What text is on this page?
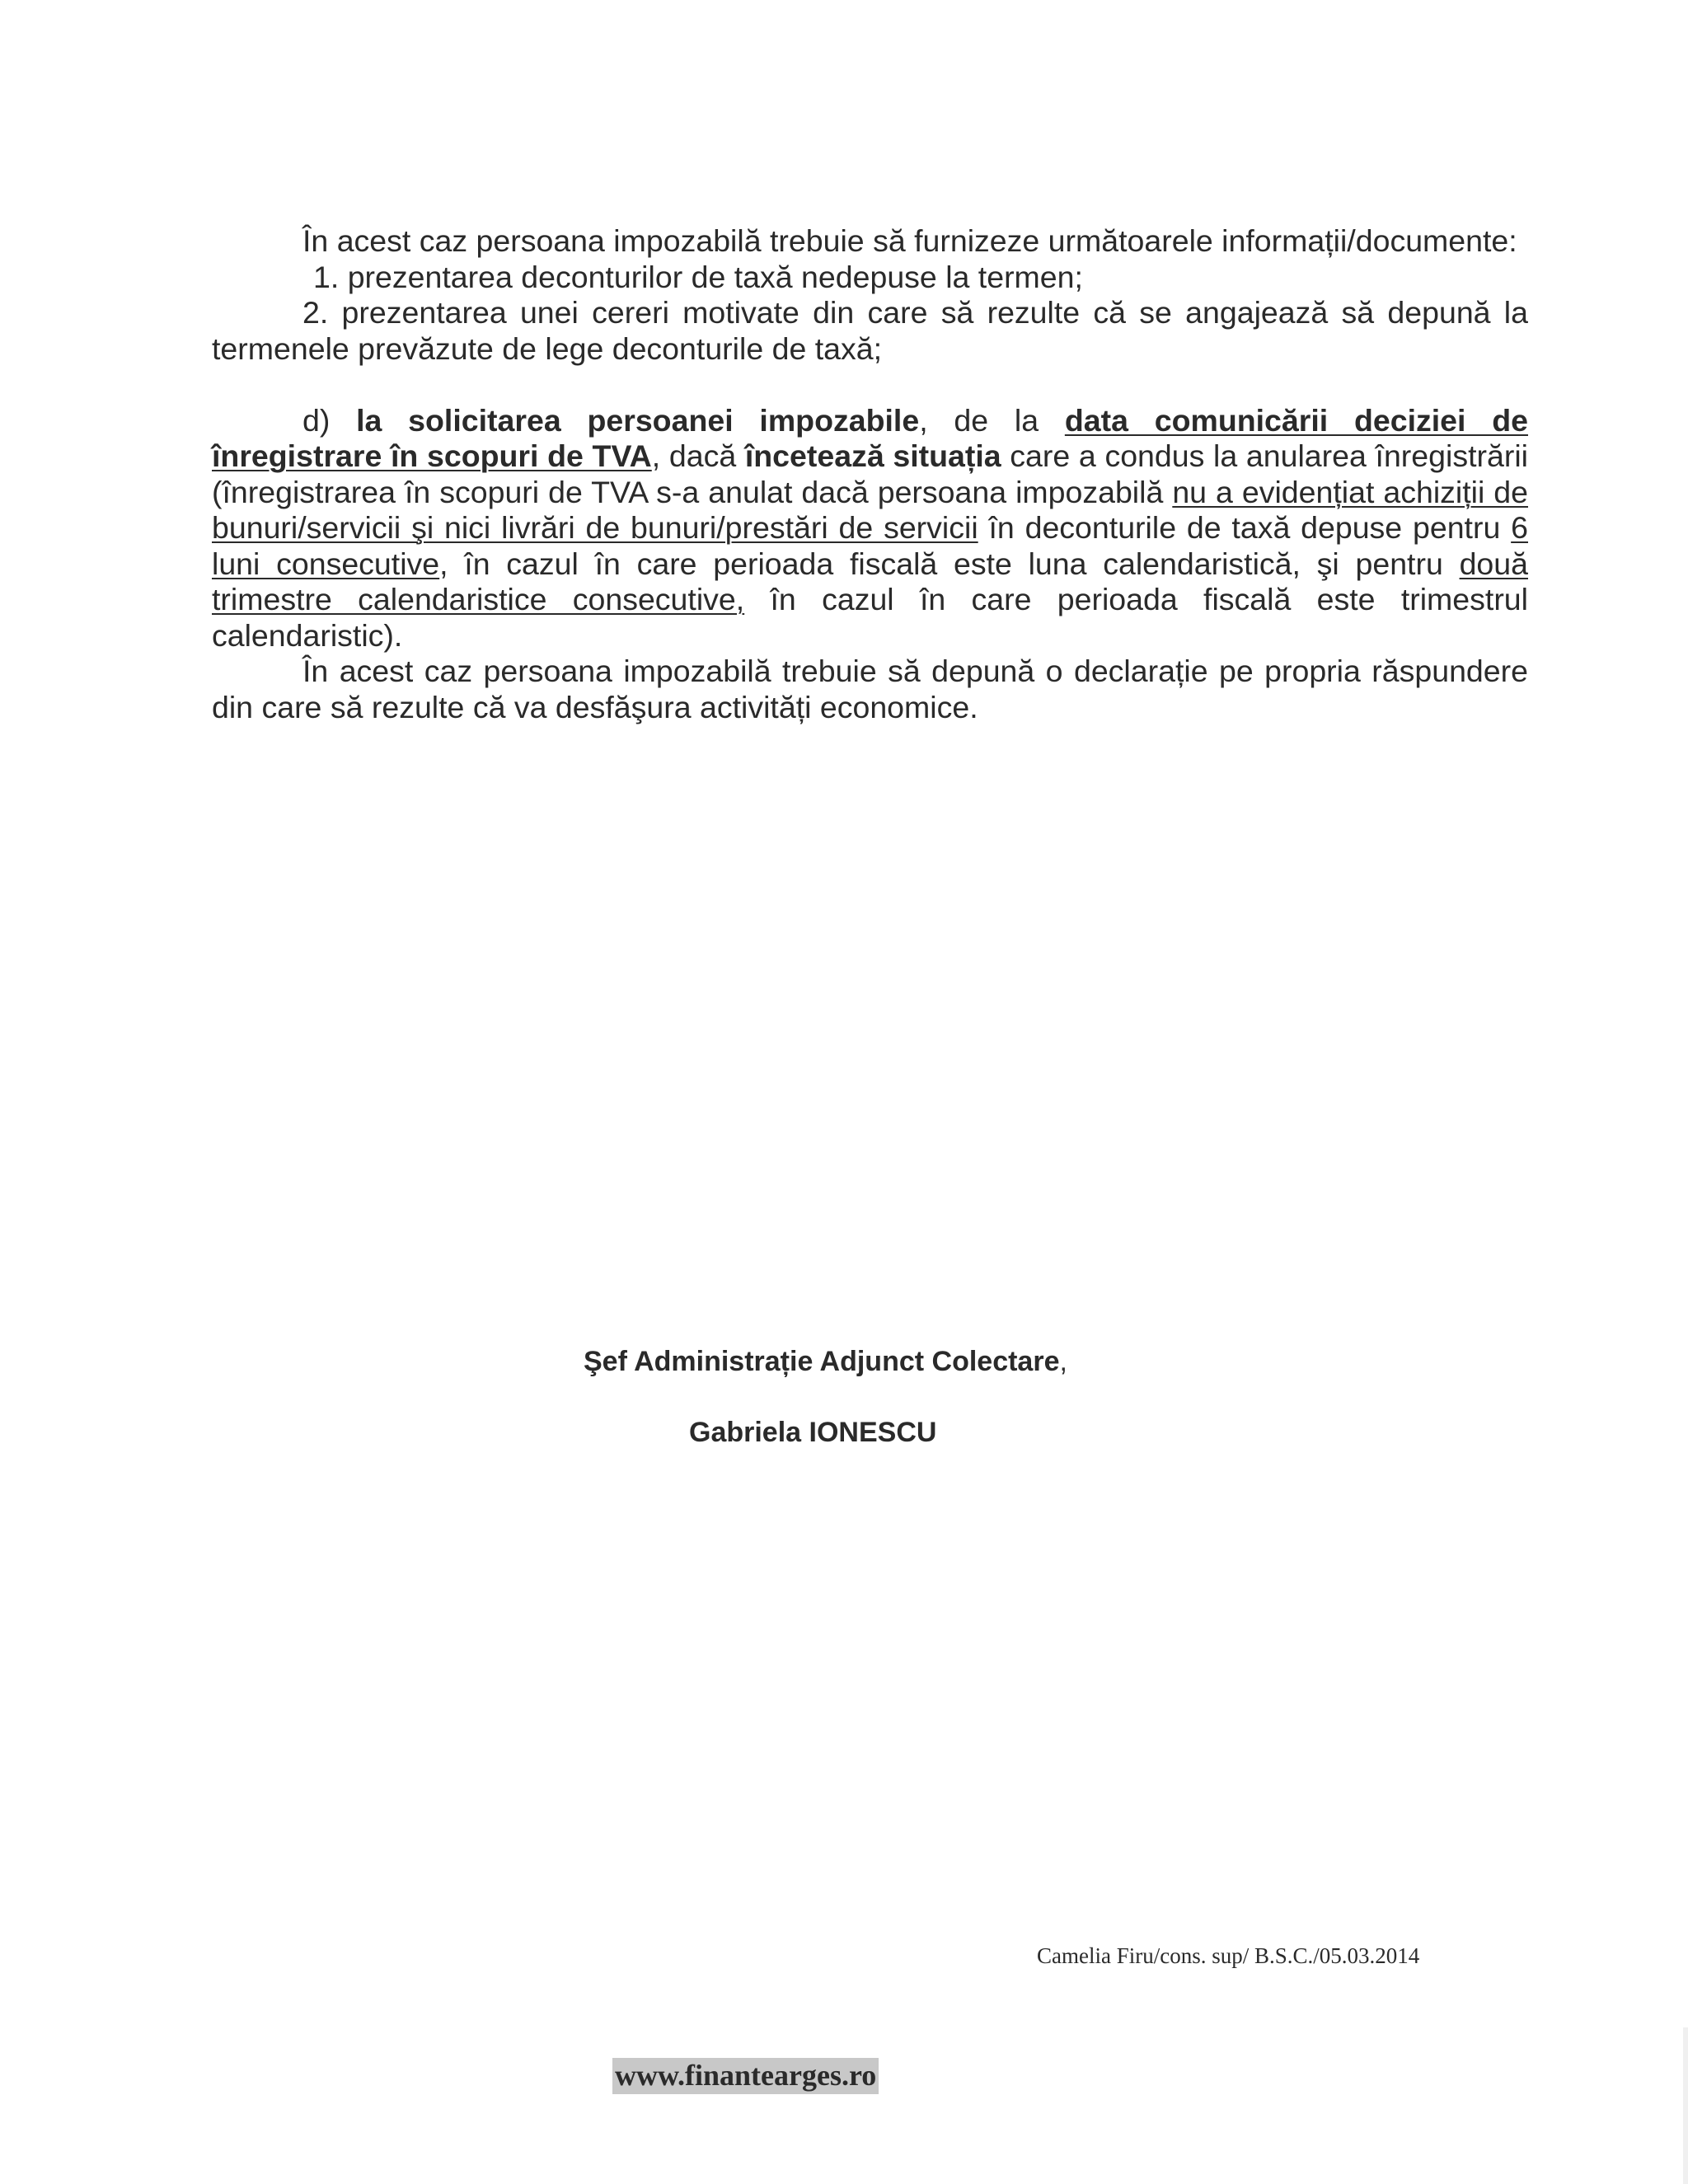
În acest caz persoana impozabilă trebuie să furnizeze următoarele informații/documente:

1. prezentarea deconturilor de taxă nedepuse la termen;

2. prezentarea unei cereri motivate din care să rezulte că se angajează să depună la termenele prevăzute de lege deconturile de taxă;

d) la solicitarea persoanei impozabile, de la data comunicării deciziei de înregistrare în scopuri de TVA, dacă încetează situația care a condus la anularea înregistrării (înregistrarea în scopuri de TVA s-a anulat dacă persoana impozabilă nu a evidențiat achiziții de bunuri/servicii şi nici livrări de bunuri/prestări de servicii în deconturile de taxă depuse pentru 6 luni consecutive, în cazul în care perioada fiscală este luna calendaristică, şi pentru două trimestre calendaristice consecutive, în cazul în care perioada fiscală este trimestrul calendaristic).

În acest caz persoana impozabilă trebuie să depună o declarație pe propria răspundere din care să rezulte că va desfăşura activități economice.

Şef Administrație Adjunct Colectare,
Gabriela IONESCU
Camelia Firu/cons. sup/ B.S.C./05.03.2014
www.finantearges.ro
